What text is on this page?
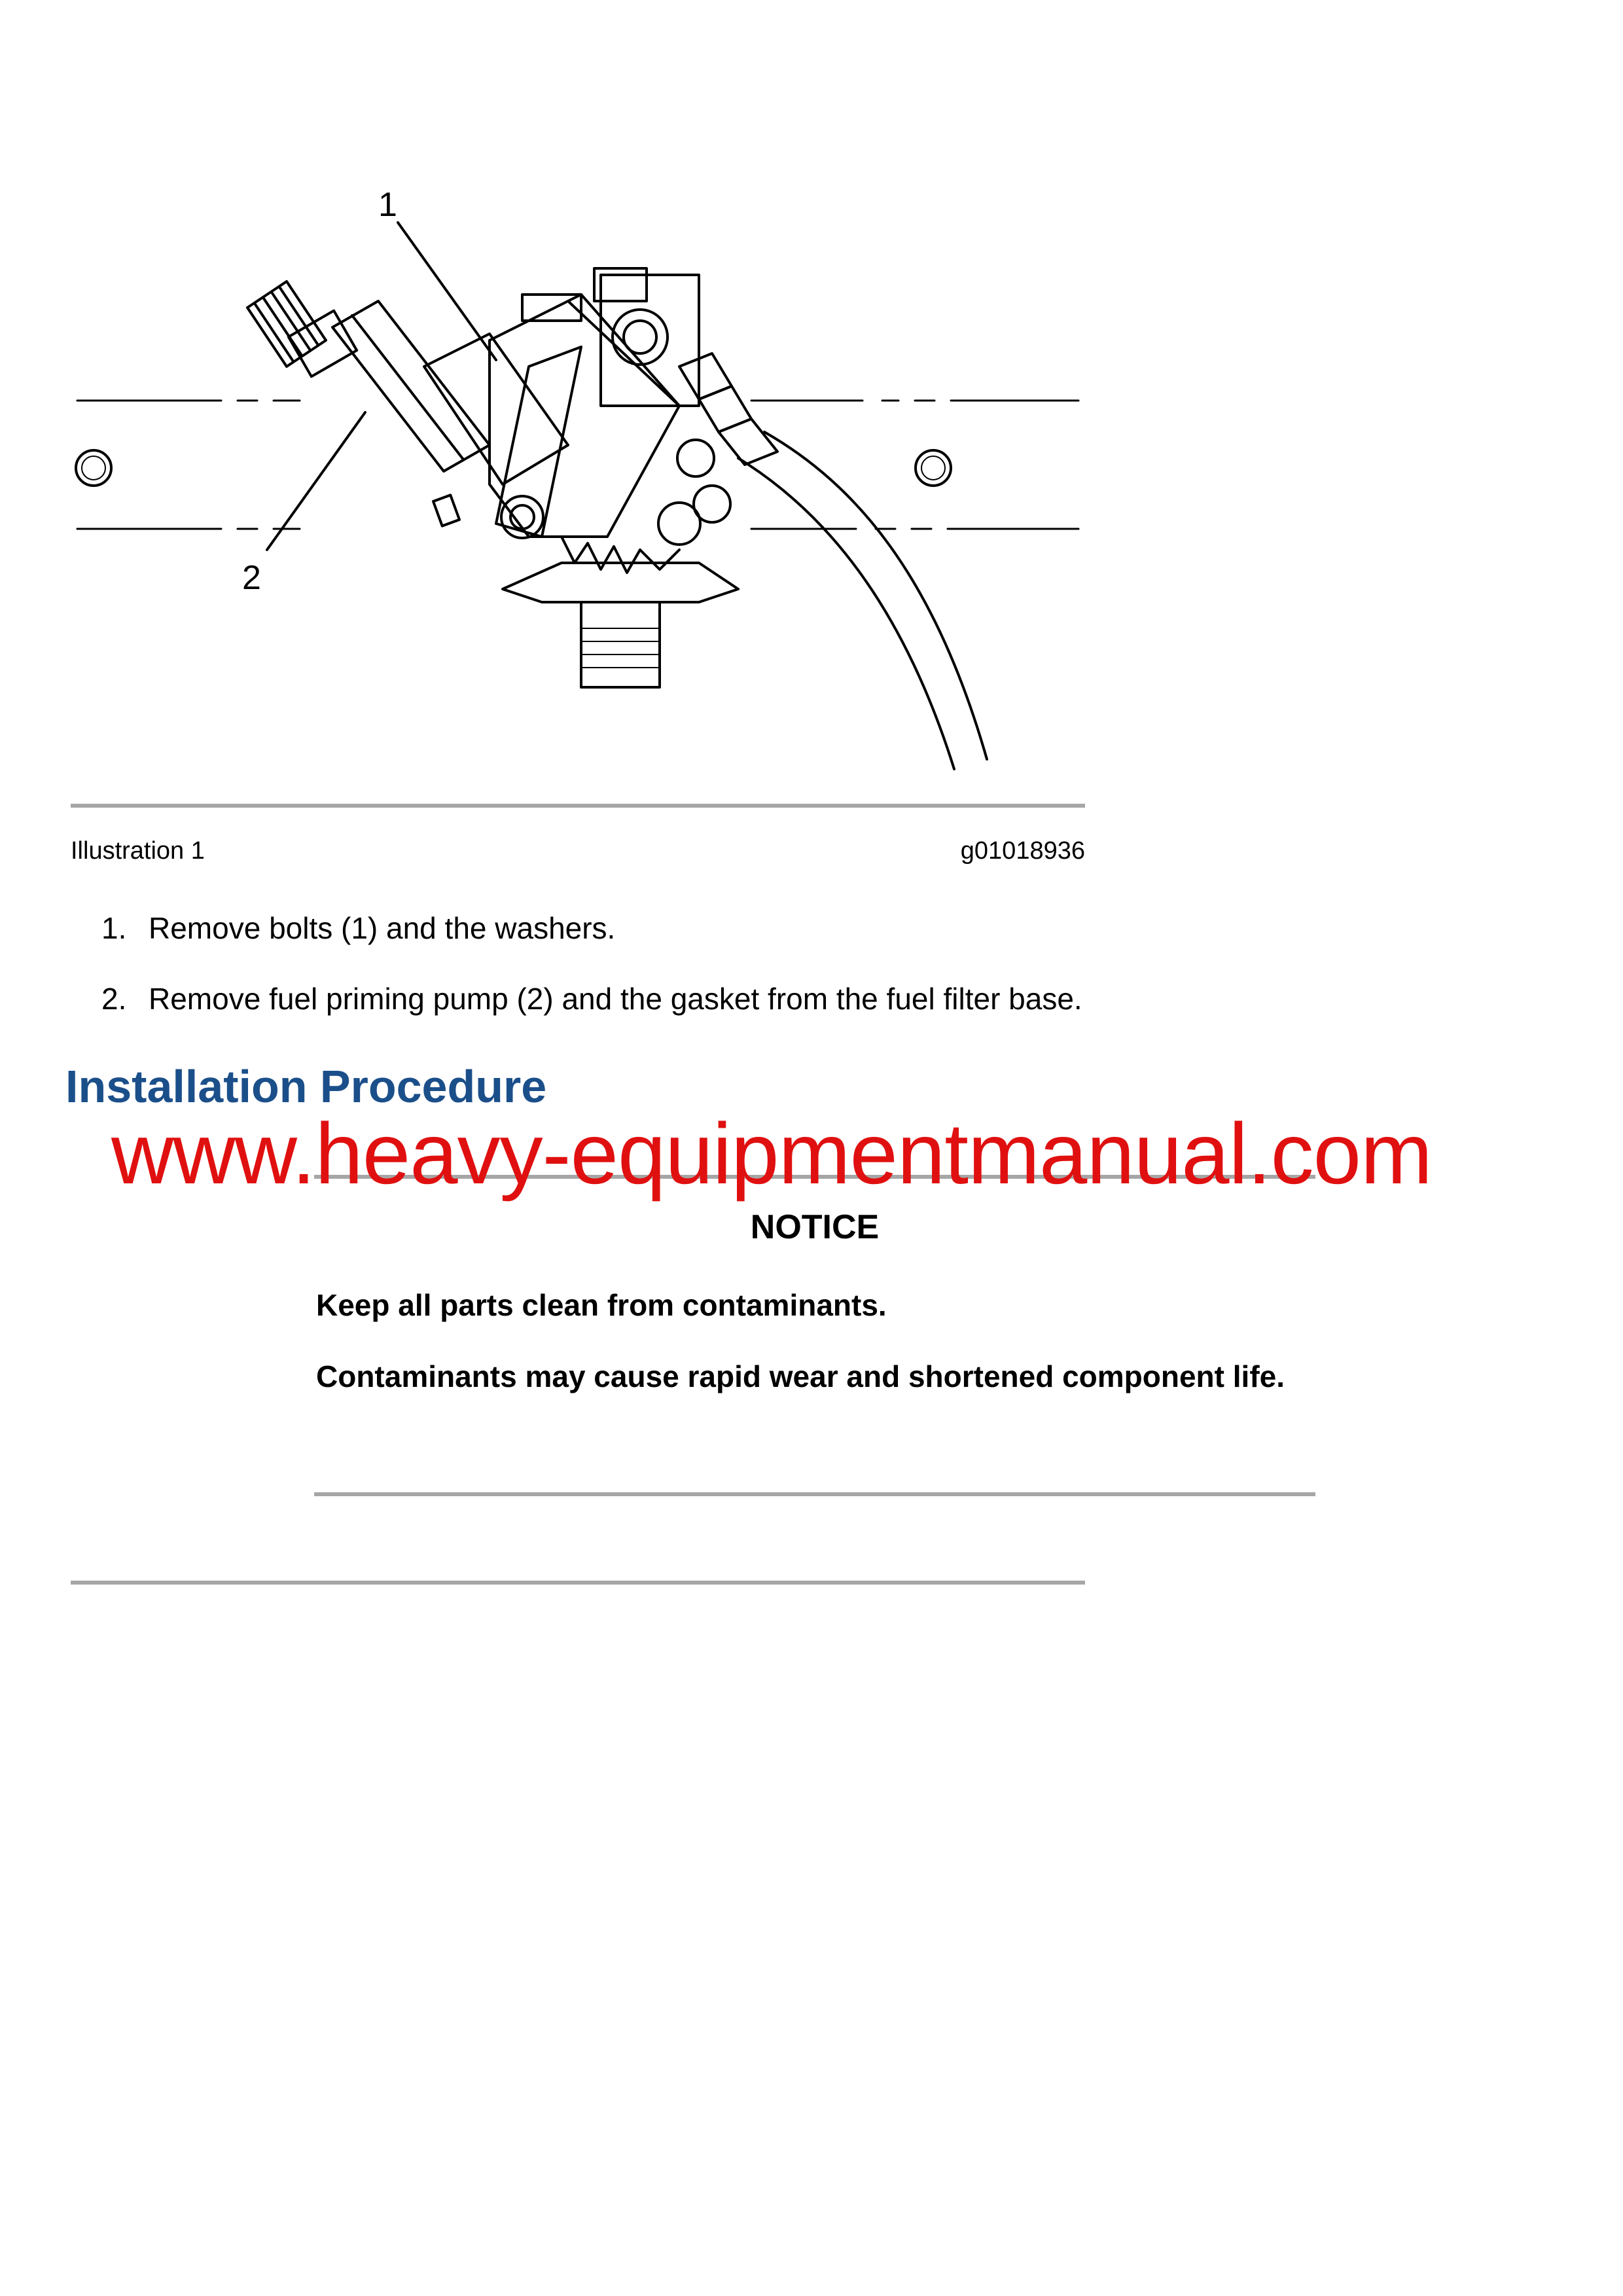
1
2
Illustration 1	g01018936
1. Remove bolts (1) and the washers.
2. Remove fuel priming pump (2) and the gasket from the fuel filter base.
Installation Procedure
www.heavy-equipmentmanual.com
NOTICE
Keep all parts clean from contaminants.
Contaminants may cause rapid wear and shortened component life.
